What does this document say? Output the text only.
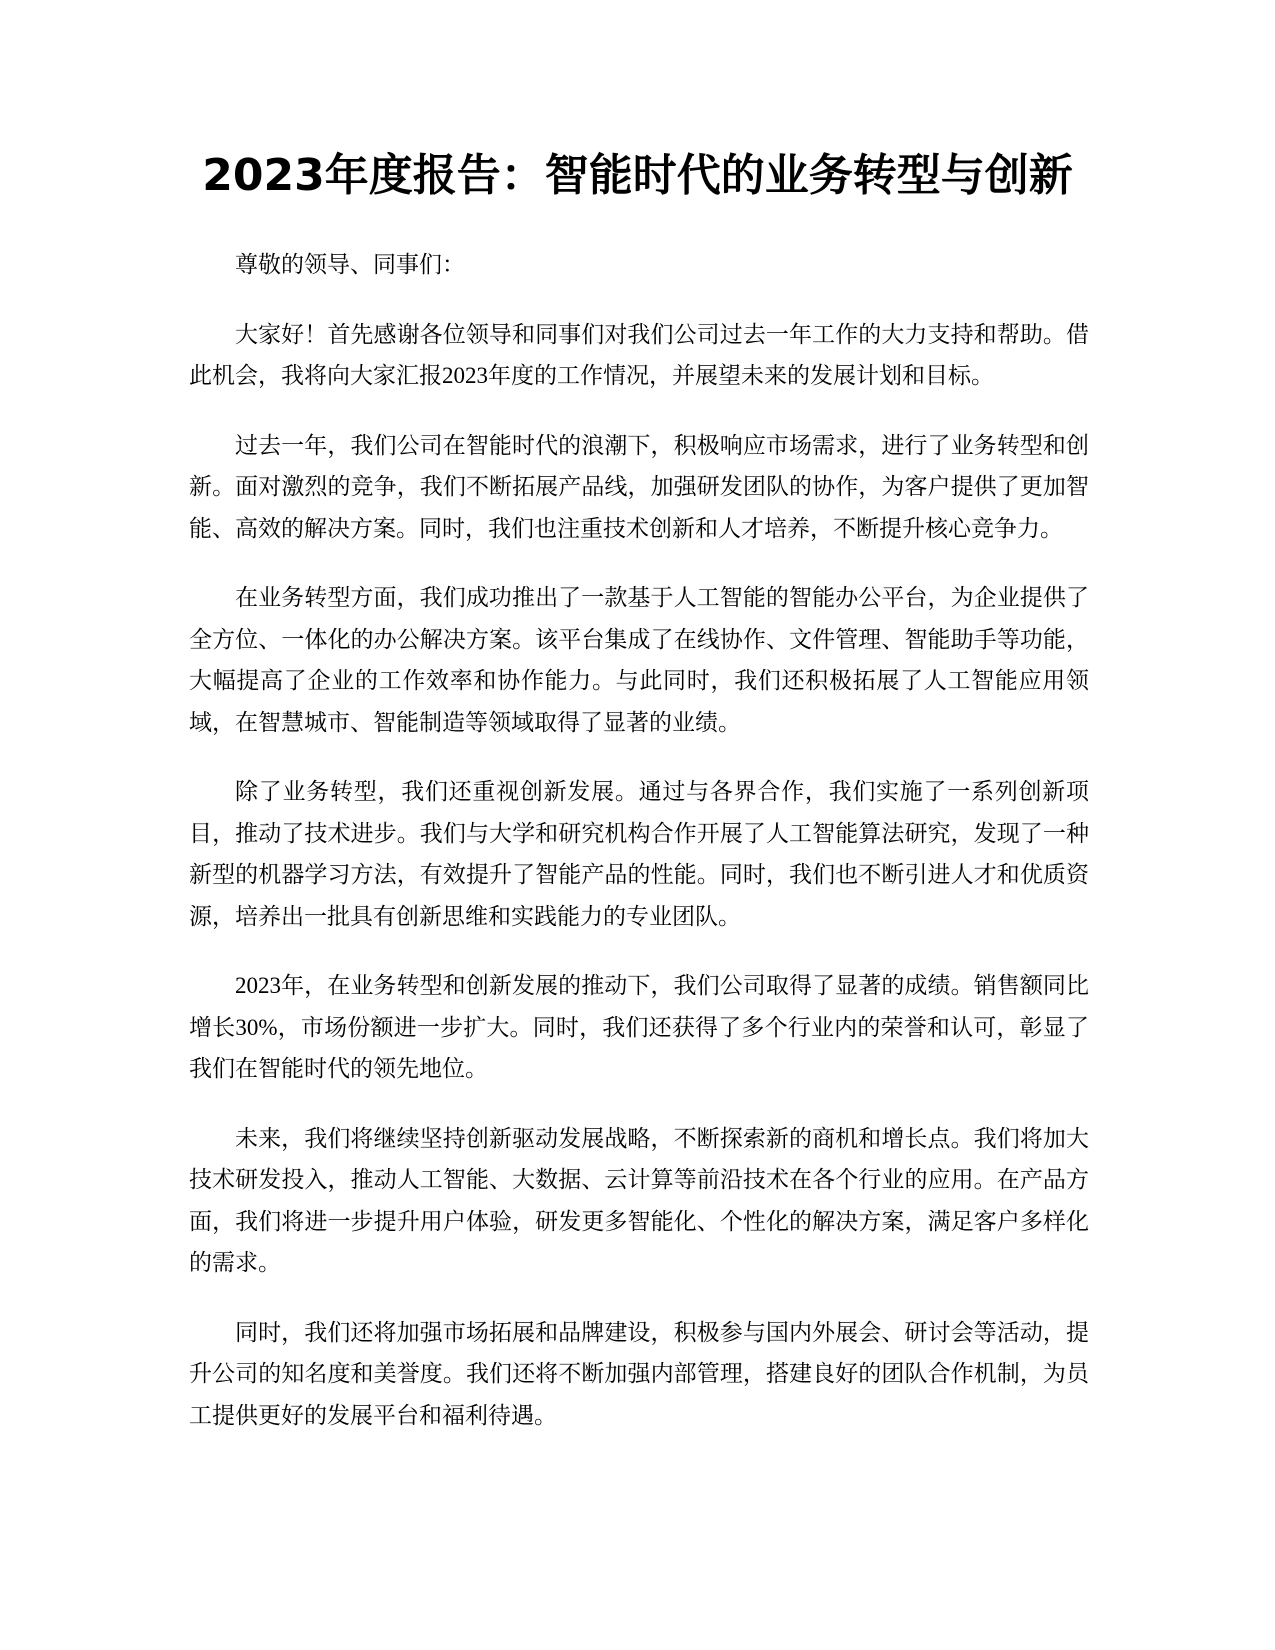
2023年度报告：智能时代的业务转型与创新

尊敬的领导、同事们：

大家好！首先感谢各位领导和同事们对我们公司过去一年工作的大力支持和帮助。借此机会，我将向大家汇报2023年度的工作情况，并展望未来的发展计划和目标。

过去一年，我们公司在智能时代的浪潮下，积极响应市场需求，进行了业务转型和创新。面对激烈的竞争，我们不断拓展产品线，加强研发团队的协作，为客户提供了更加智能、高效的解决方案。同时，我们也注重技术创新和人才培养，不断提升核心竞争力。

在业务转型方面，我们成功推出了一款基于人工智能的智能办公平台，为企业提供了全方位、一体化的办公解决方案。该平台集成了在线协作、文件管理、智能助手等功能，大幅提高了企业的工作效率和协作能力。与此同时，我们还积极拓展了人工智能应用领域，在智慧城市、智能制造等领域取得了显著的业绩。

除了业务转型，我们还重视创新发展。通过与各界合作，我们实施了一系列创新项目，推动了技术进步。我们与大学和研究机构合作开展了人工智能算法研究，发现了一种新型的机器学习方法，有效提升了智能产品的性能。同时，我们也不断引进人才和优质资源，培养出一批具有创新思维和实践能力的专业团队。

2023年，在业务转型和创新发展的推动下，我们公司取得了显著的成绩。销售额同比增长30%，市场份额进一步扩大。同时，我们还获得了多个行业内的荣誉和认可，彰显了我们在智能时代的领先地位。

未来，我们将继续坚持创新驱动发展战略，不断探索新的商机和增长点。我们将加大技术研发投入，推动人工智能、大数据、云计算等前沿技术在各个行业的应用。在产品方面，我们将进一步提升用户体验，研发更多智能化、个性化的解决方案，满足客户多样化的需求。

同时，我们还将加强市场拓展和品牌建设，积极参与国内外展会、研讨会等活动，提升公司的知名度和美誉度。我们还将不断加强内部管理，搭建良好的团队合作机制，为员工提供更好的发展平台和福利待遇。
